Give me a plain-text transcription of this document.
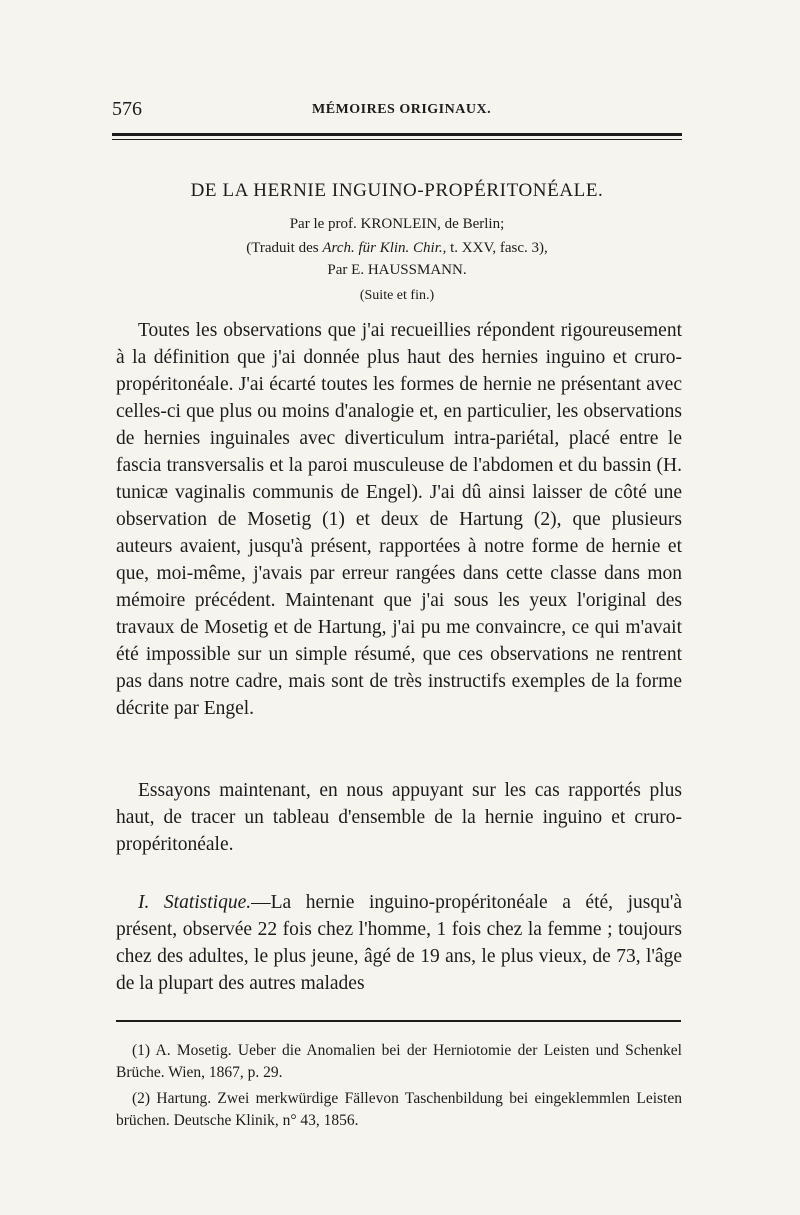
576	MÉMOIRES ORIGINAUX.
DE LA HERNIE INGUINO-PROPÉRITONÉALE.
Par le prof. KRONLEIN, de Berlin;
(Traduit des Arch. für Klin. Chir., t. XXV, fasc. 3),
Par E. HAUSSMANN.
(Suite et fin.)

Toutes les observations que j'ai recueillies répondent rigoureusement à la définition que j'ai donnée plus haut des hernies inguino et cruro-propéritonéale. J'ai écarté toutes les formes de hernie ne présentant avec celles-ci que plus ou moins d'analogie et, en particulier, les observations de hernies inguinales avec diverticulum intra-pariétal, placé entre le fascia transversalis et la paroi musculeuse de l'abdomen et du bassin (H. tunicæ vaginalis communis de Engel). J'ai dû ainsi laisser de côté une observation de Mosetig (1) et deux de Hartung (2), que plusieurs auteurs avaient, jusqu'à présent, rapportées à notre forme de hernie et que, moi-même, j'avais par erreur rangées dans cette classe dans mon mémoire précédent. Maintenant que j'ai sous les yeux l'original des travaux de Mosetig et de Hartung, j'ai pu me convaincre, ce qui m'avait été impossible sur un simple résumé, que ces observations ne rentrent pas dans notre cadre, mais sont de très instructifs exemples de la forme décrite par Engel.

Essayons maintenant, en nous appuyant sur les cas rapportés plus haut, de tracer un tableau d'ensemble de la hernie inguino et cruro-propéritonéale.

I. Statistique.—La hernie inguino-propéritonéale a été, jusqu'à présent, observée 22 fois chez l'homme, 1 fois chez la femme ; toujours chez des adultes, le plus jeune, âgé de 19 ans, le plus vieux, de 73, l'âge de la plupart des autres malades

(1) A. Mosetig. Ueber die Anomalien bei der Herniotomie der Leisten und Schenkel Brüche. Wien, 1867, p. 29.

(2) Hartung. Zwei merkwürdige Fällevon Taschenbildung bei eingeklemmlen Leisten brüchen. Deutsche Klinik, n° 43, 1856.
